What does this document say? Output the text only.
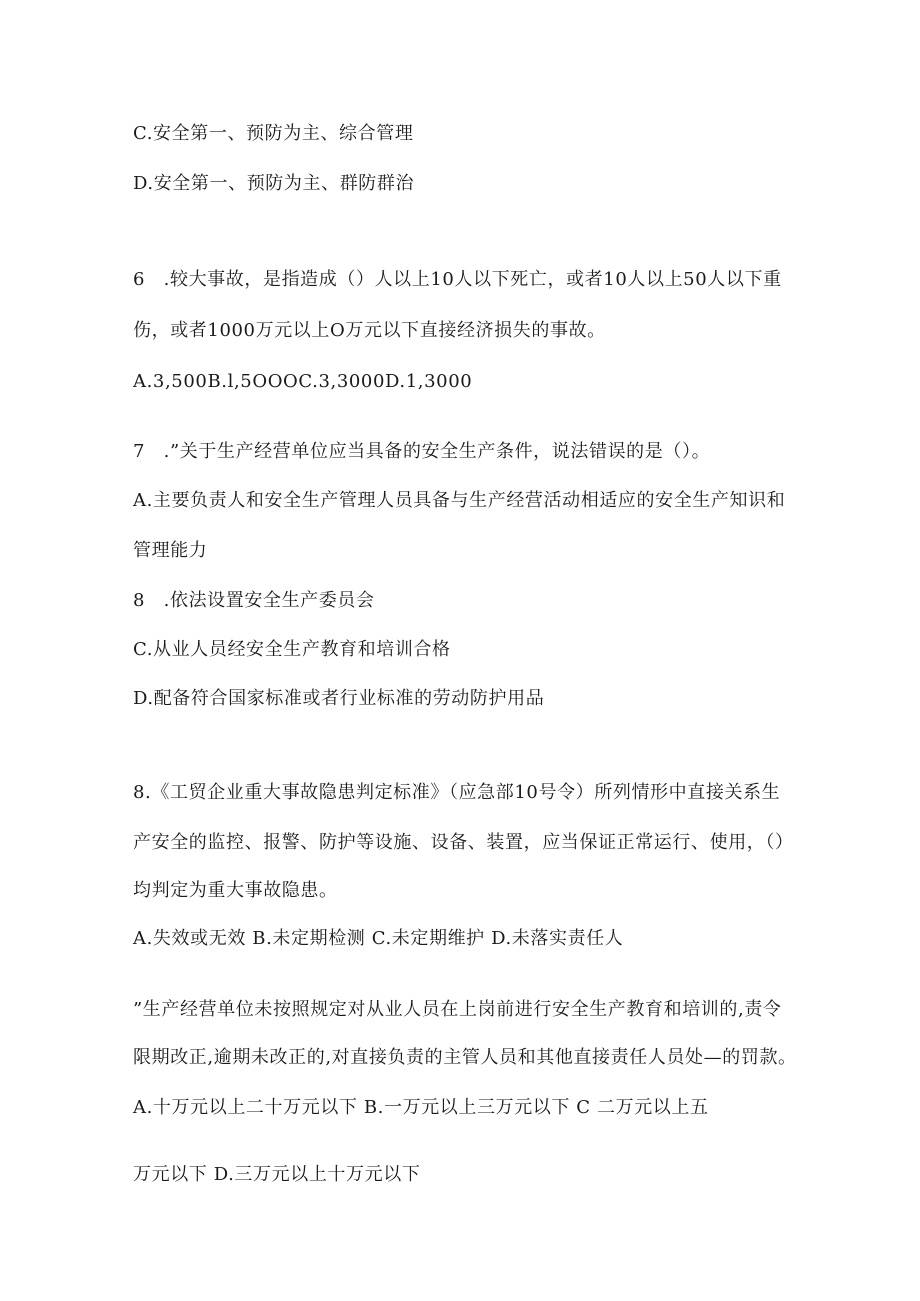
C.安全第一、预防为主、综合管理
D.安全第一、预防为主、群防群治
6　.较大事故，是指造成（）人以上10人以下死亡，或者10人以上50人以下重
伤，或者1000万元以上O万元以下直接经济损失的事故。
A.3,500B.l,5OOOC.3,3000D.1,3000
7　.”关于生产经营单位应当具备的安全生产条件，说法错误的是（）。
A.主要负责人和安全生产管理人员具备与生产经营活动相适应的安全生产知识和
管理能力
8　.依法设置安全生产委员会
C.从业人员经安全生产教育和培训合格
D.配备符合国家标准或者行业标准的劳动防护用品
8.《工贸企业重大事故隐患判定标准》（应急部10号令）所列情形中直接关系生
产安全的监控、报警、防护等设施、设备、装置，应当保证正常运行、使用，（）
均判定为重大事故隐患。
A.失效或无效 B.未定期检测 C.未定期维护 D.未落实责任人
”生产经营单位未按照规定对从业人员在上岗前进行安全生产教育和培训的,责令
限期改正,逾期未改正的,对直接负责的主管人员和其他直接责任人员处—的罚款。
A.十万元以上二十万元以下 B.一万元以上三万元以下 C 二万元以上五
万元以下 D.三万元以上十万元以下
